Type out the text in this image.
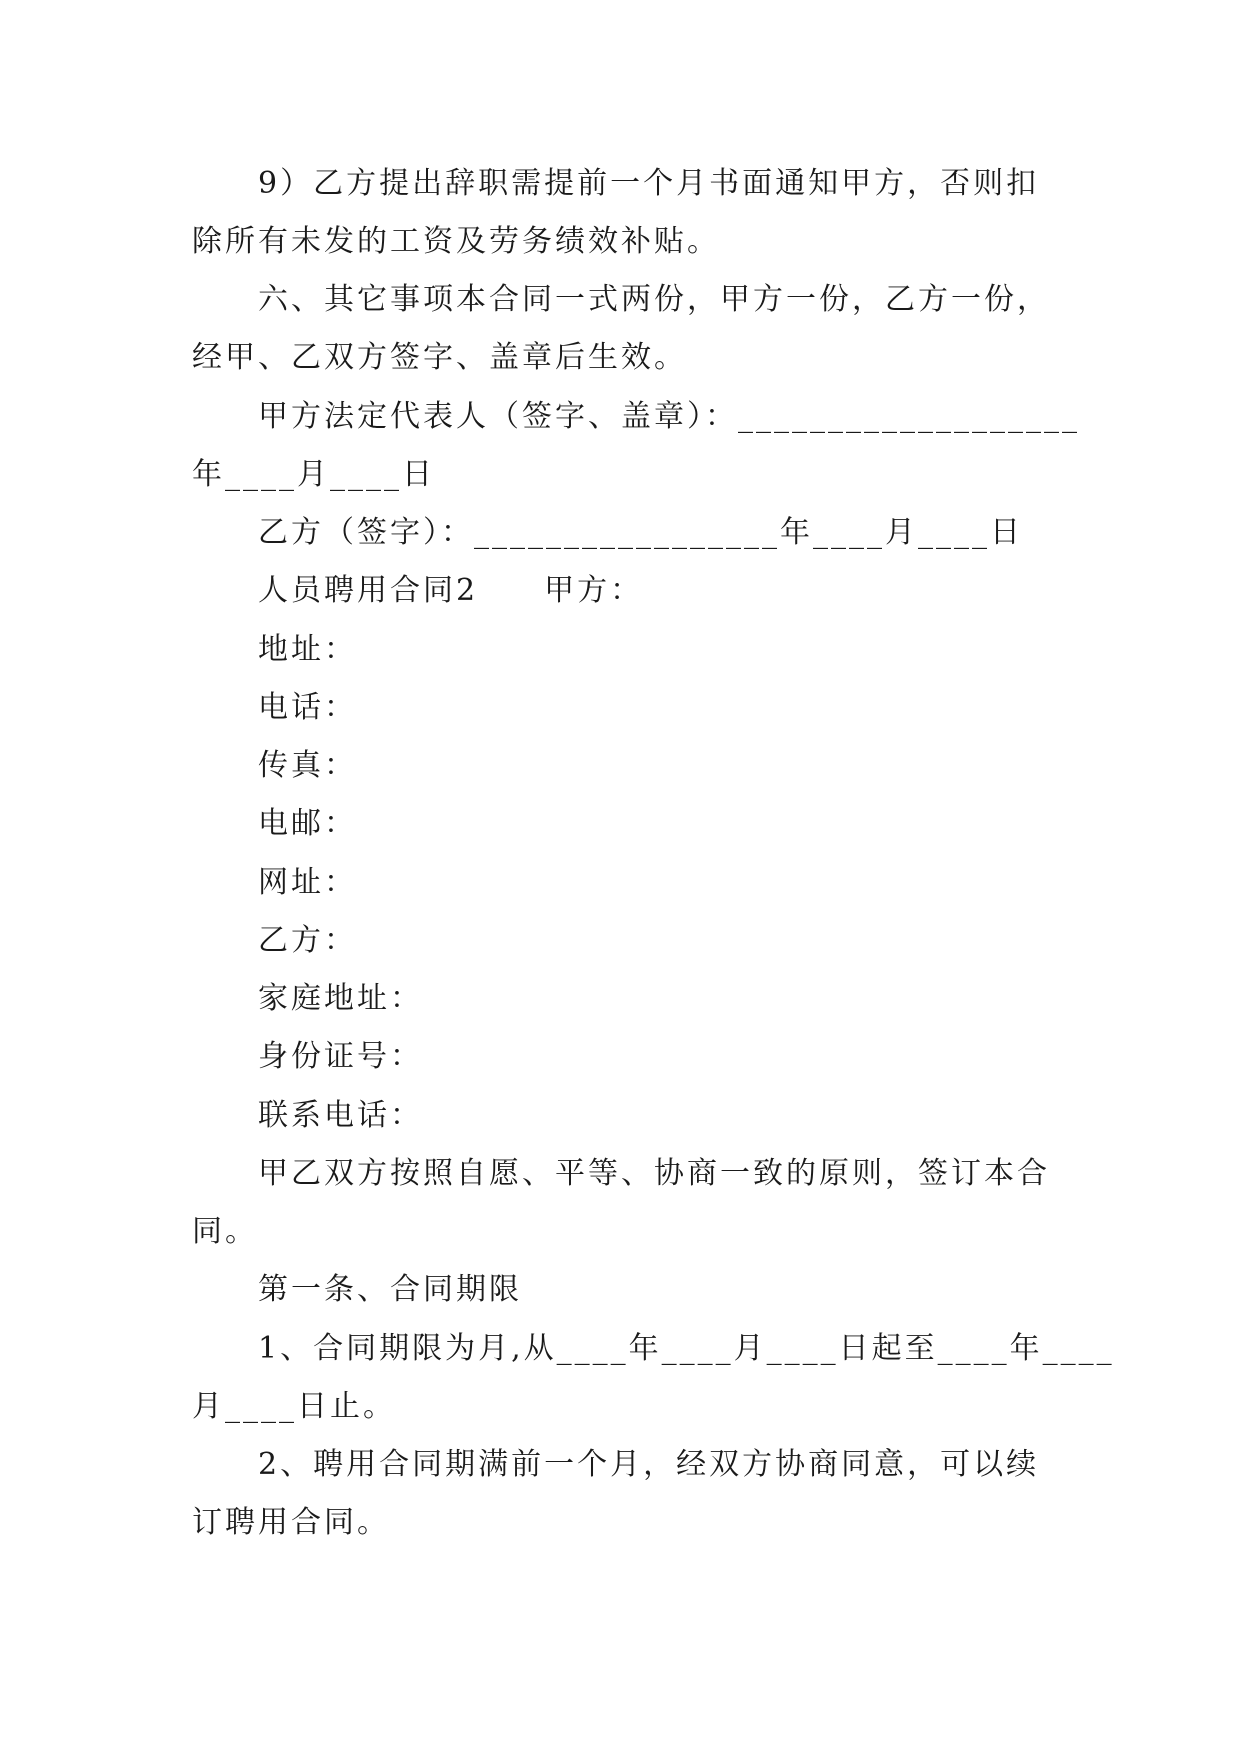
9）乙方提出辞职需提前一个月书面通知甲方，否则扣
除所有未发的工资及劳务绩效补贴。
六、其它事项本合同一式两份，甲方一份，乙方一份，
经甲、乙双方签字、盖章后生效。
甲方法定代表人（签字、盖章）：___________________
年____月____日
乙方（签字）：_________________年____月____日
人员聘用合同2　　甲方：
地址：
电话：
传真：
电邮：
网址：
乙方：
家庭地址：
身份证号：
联系电话：
甲乙双方按照自愿、平等、协商一致的原则，签订本合
同。
第一条、合同期限
1、合同期限为月,从____年____月____日起至____年____
月____日止。
2、聘用合同期满前一个月，经双方协商同意，可以续
订聘用合同。
